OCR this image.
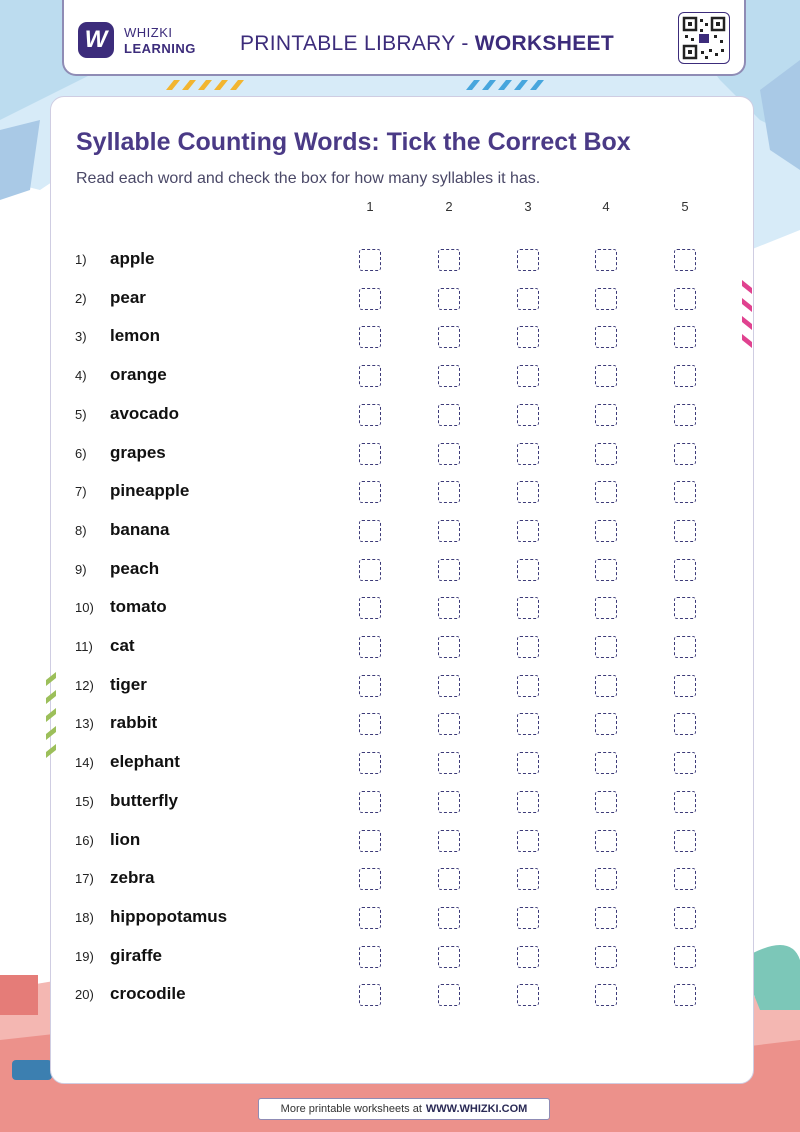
W	WHIZKI
LEARNING PRINTABLE LIBRARY - WORKSHEET
Syllable Counting Words: Tick the Correct Box
Read each word and check the box for how many syllables it has.
1	2	3	4	5
1) apple
2) pear
3) lemon
4) orange
5) avocado
6) grapes
7) pineapple
8) banana
9) peach
10) tomato
11) cat
12) tiger
13) rabbit
14) elephant
15) butterfly
16) lion
17) zebra
18) hippopotamus
19) giraffe
20) crocodile
More printable worksheets at WWW.WHIZKI.COM
